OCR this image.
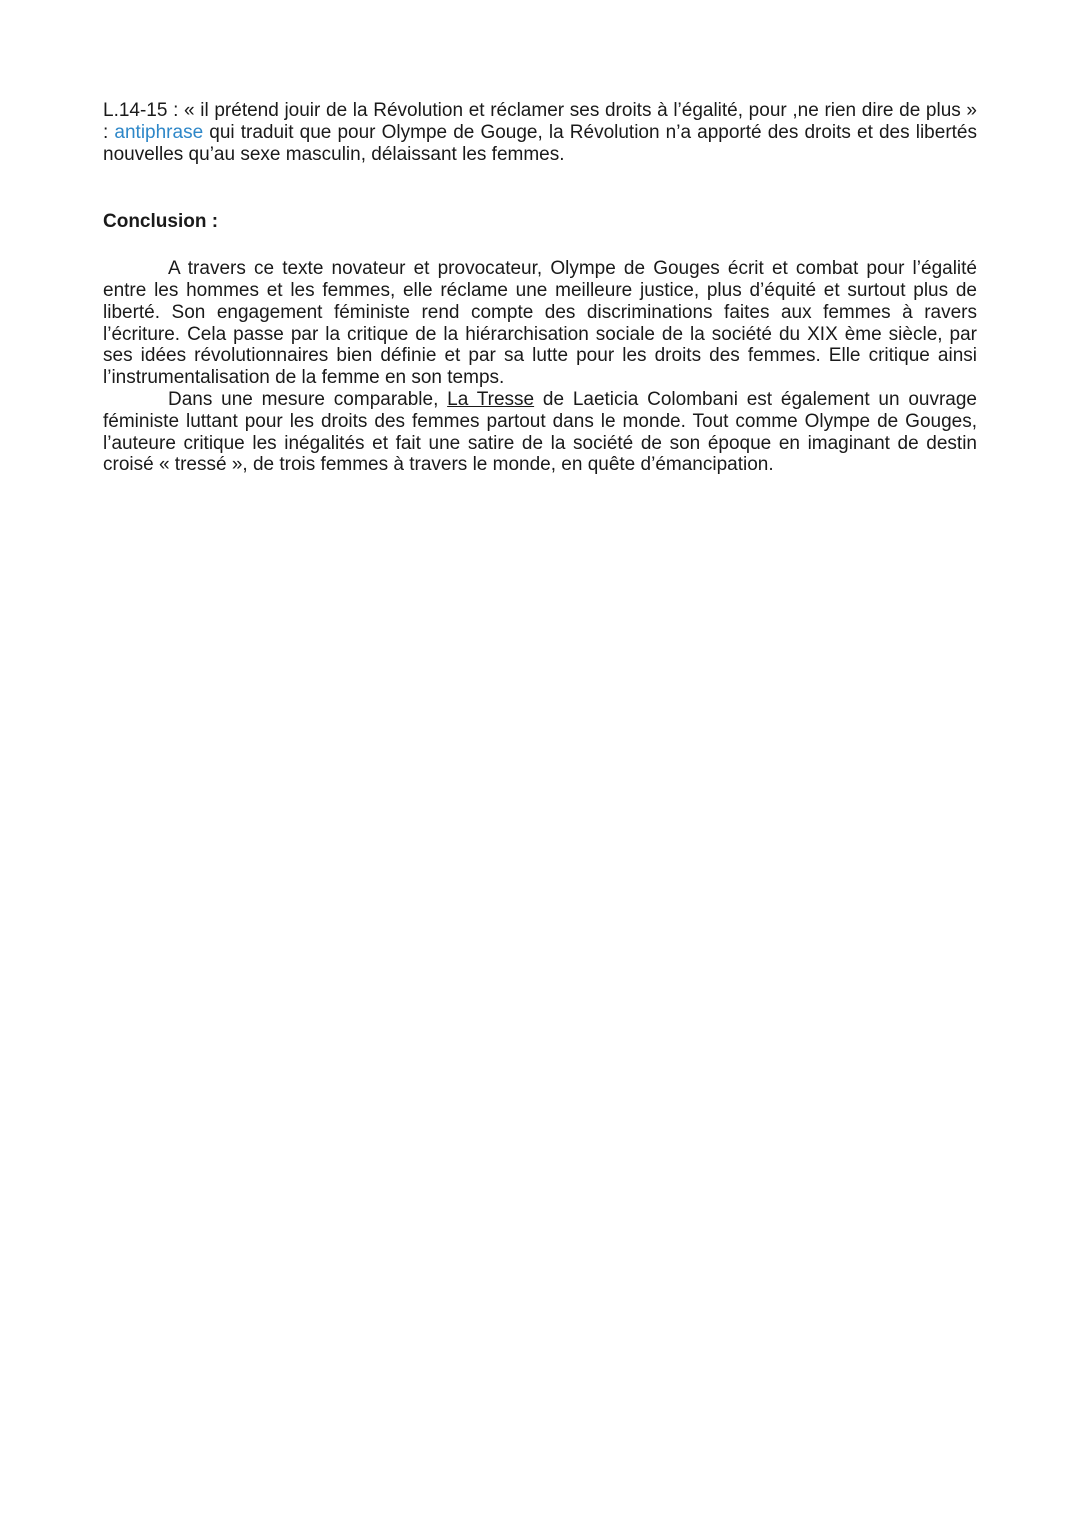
L.14-15 : « il prétend jouir de la Révolution et réclamer ses droits à l’égalité, pour ,ne rien dire de plus » : antiphrase qui traduit que pour Olympe de Gouge, la Révolution n’a apporté des droits et des libertés nouvelles qu’au sexe masculin, délaissant les femmes.

Conclusion :

A travers ce texte novateur et provocateur, Olympe de Gouges écrit et combat pour l’égalité entre les hommes et les femmes, elle réclame une meilleure justice, plus d’équité et surtout plus de liberté. Son engagement féministe rend compte des discriminations faites aux femmes à ravers l’écriture. Cela passe par la critique de la hiérarchisation sociale de la société du XIX ème siècle, par ses idées révolutionnaires bien définie et par sa lutte pour les droits des femmes. Elle critique ainsi l’instrumentalisation de la femme en son temps.

Dans une mesure comparable, La Tresse de Laeticia Colombani est également un ouvrage féministe luttant pour les droits des femmes partout dans le monde. Tout comme Olympe de Gouges, l’auteure critique les inégalités et fait une satire de la société de son époque en imaginant de destin croisé « tressé », de trois femmes à travers le monde, en quête d’émancipation.
